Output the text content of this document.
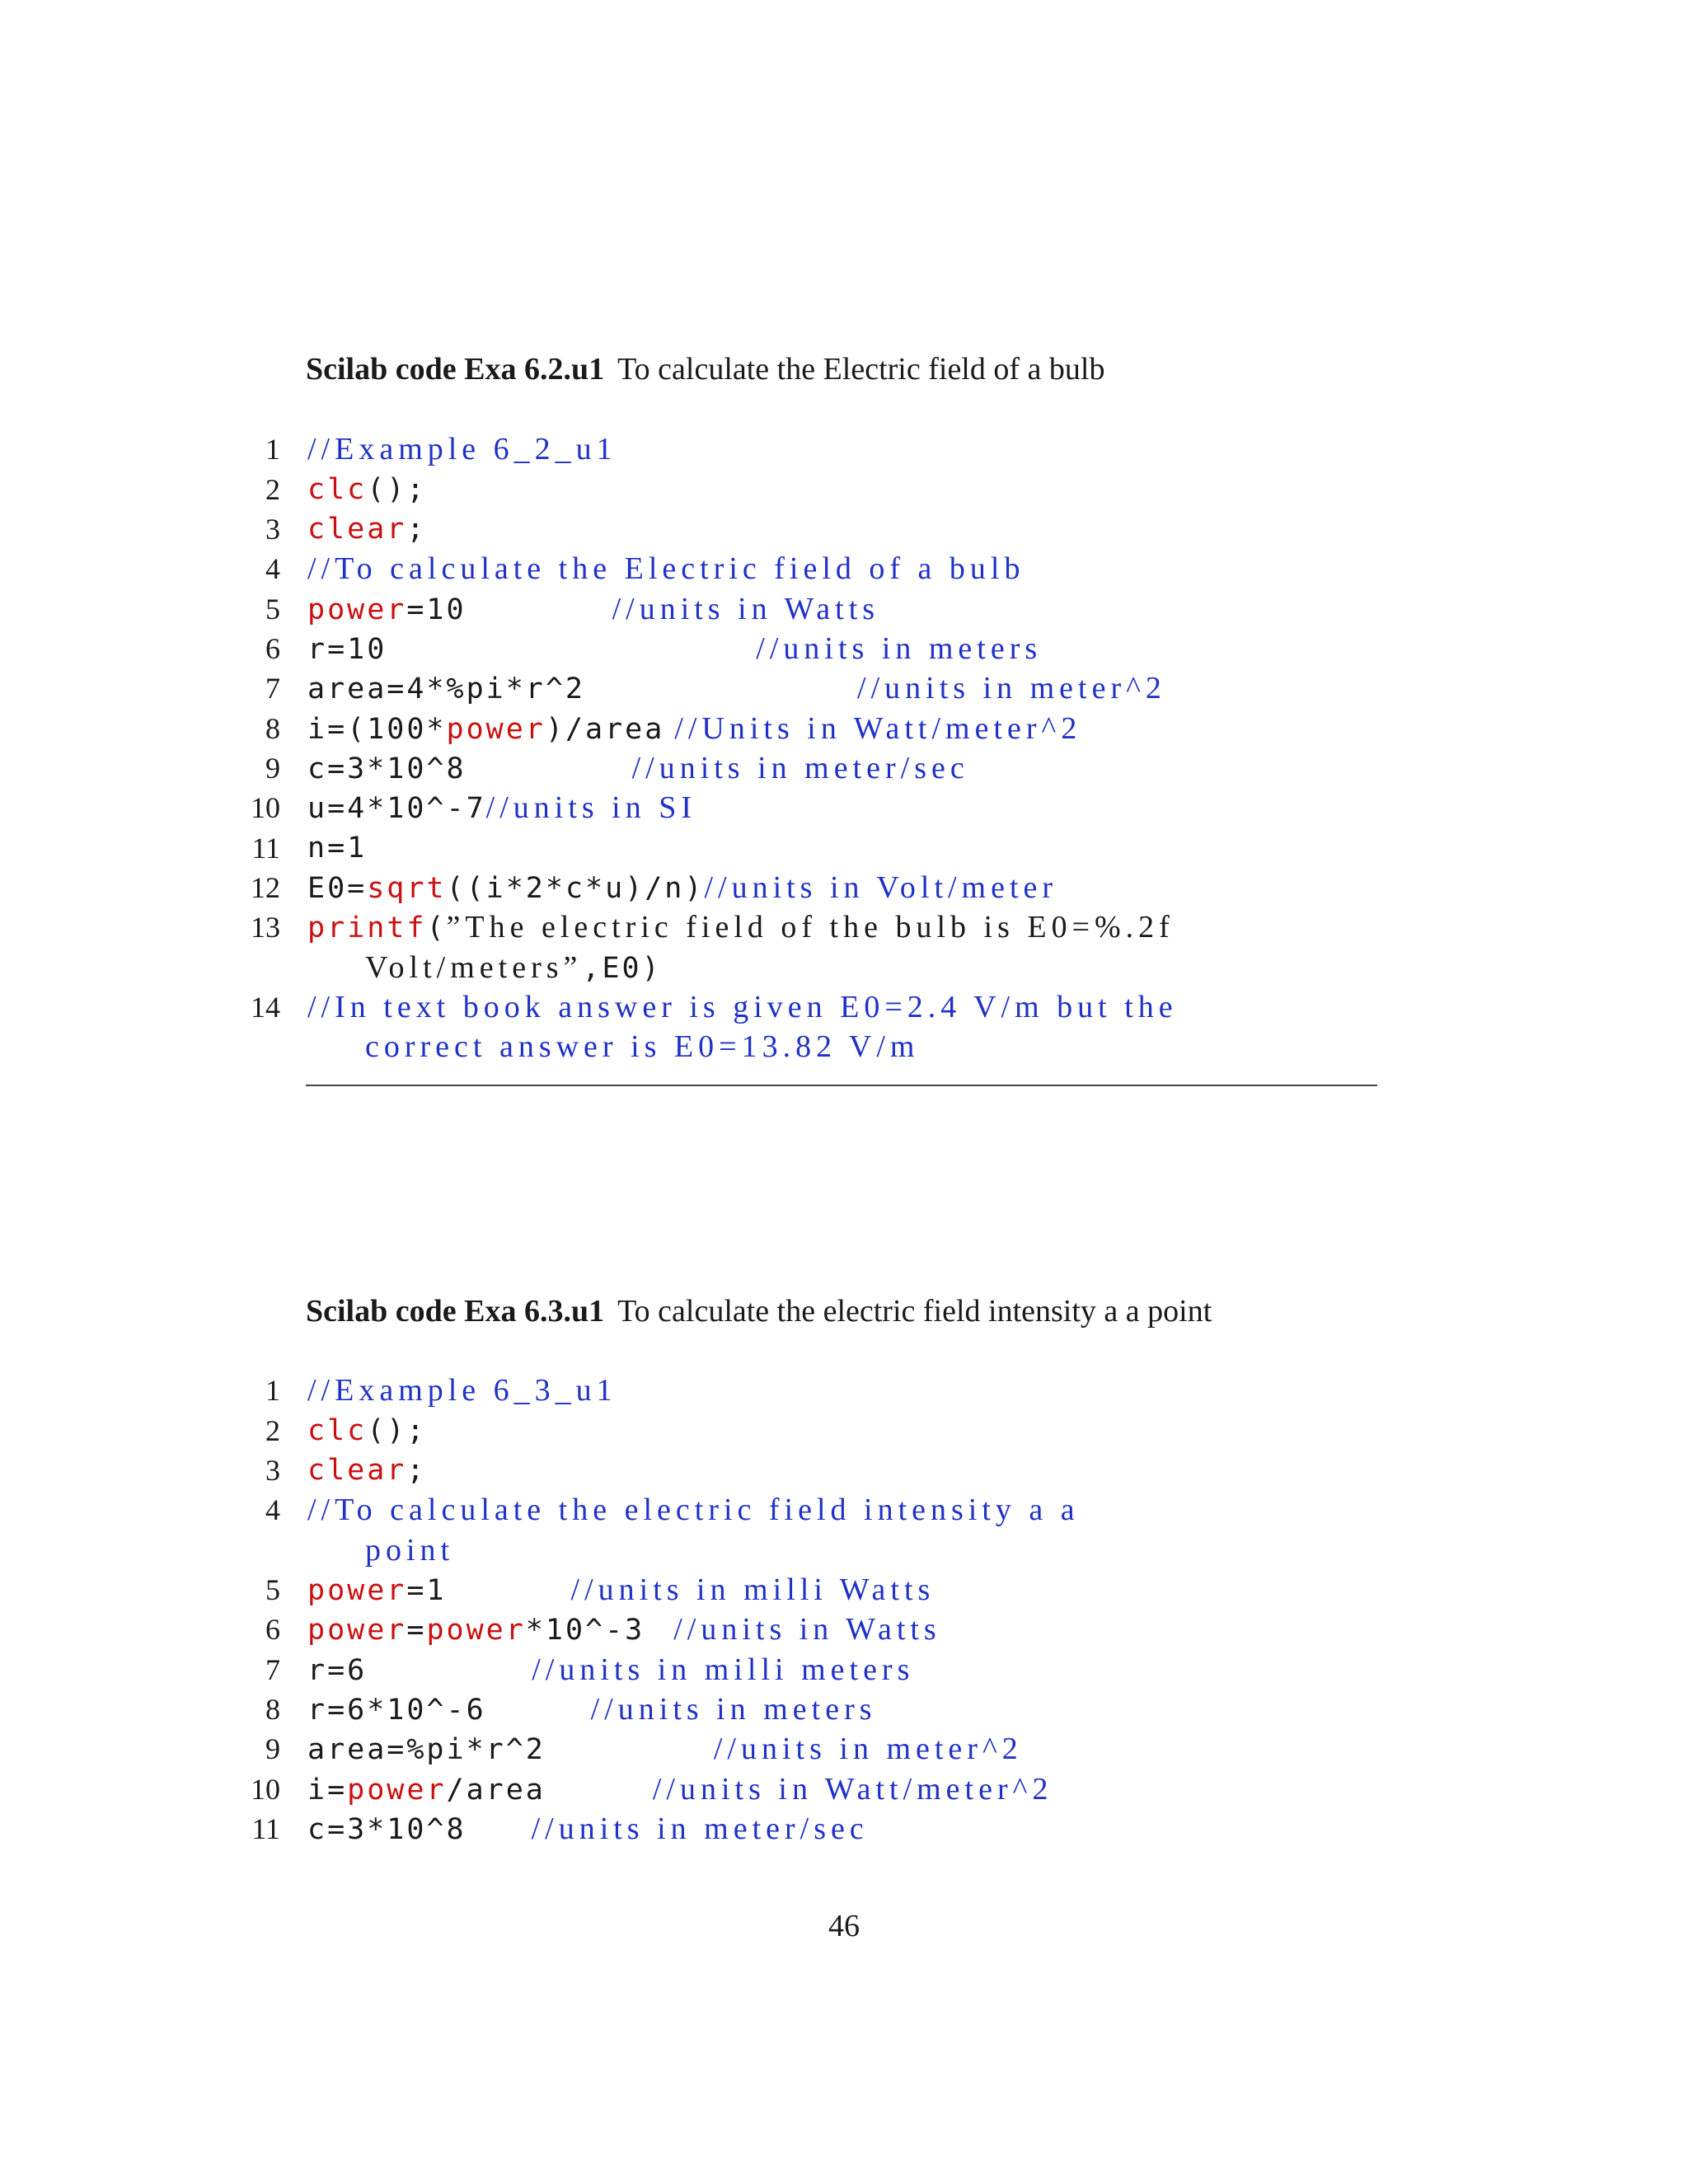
Scilab code Exa 6.2.u1 To calculate the Electric field of a bulb
1 //Example 6_2_u1
2 clc();
3 clear;
4 //To calculate the Electric field of a bulb
5 power=10	//units in Watts
6 r=10	//units in meters
7 area=4*%pi*r^2	//units in meter^2
8 i=(100*power)/area //Units in Watt/meter^2
9 c=3*10^8	//units in meter/sec
10 u=4*10^-7//units in SI
11 n=1
12 E0=sqrt((i*2*c*u)/n)//units in Volt/meter
13 printf(”The electric field of the bulb is E0=%.2f
Volt/meters”,E0)
14 //In text book answer is given E0=2.4 V/m but the
correct answer is E0=13.82 V/m
Scilab code Exa 6.3.u1 To calculate the electric field intensity a a point
1 //Example 6_3_u1
2 clc();
3 clear;
4 //To calculate the electric field intensity a a
point
5 power=1	//units in milli Watts
6 power=power*10^-3 //units in Watts
7 r=6	//units in milli meters
8 r=6*10^-6	//units in meters
9 area=%pi*r^2	//units in meter^2
10 i=power/area	//units in Watt/meter^2
11 c=3*10^8 //units in meter/sec
46
